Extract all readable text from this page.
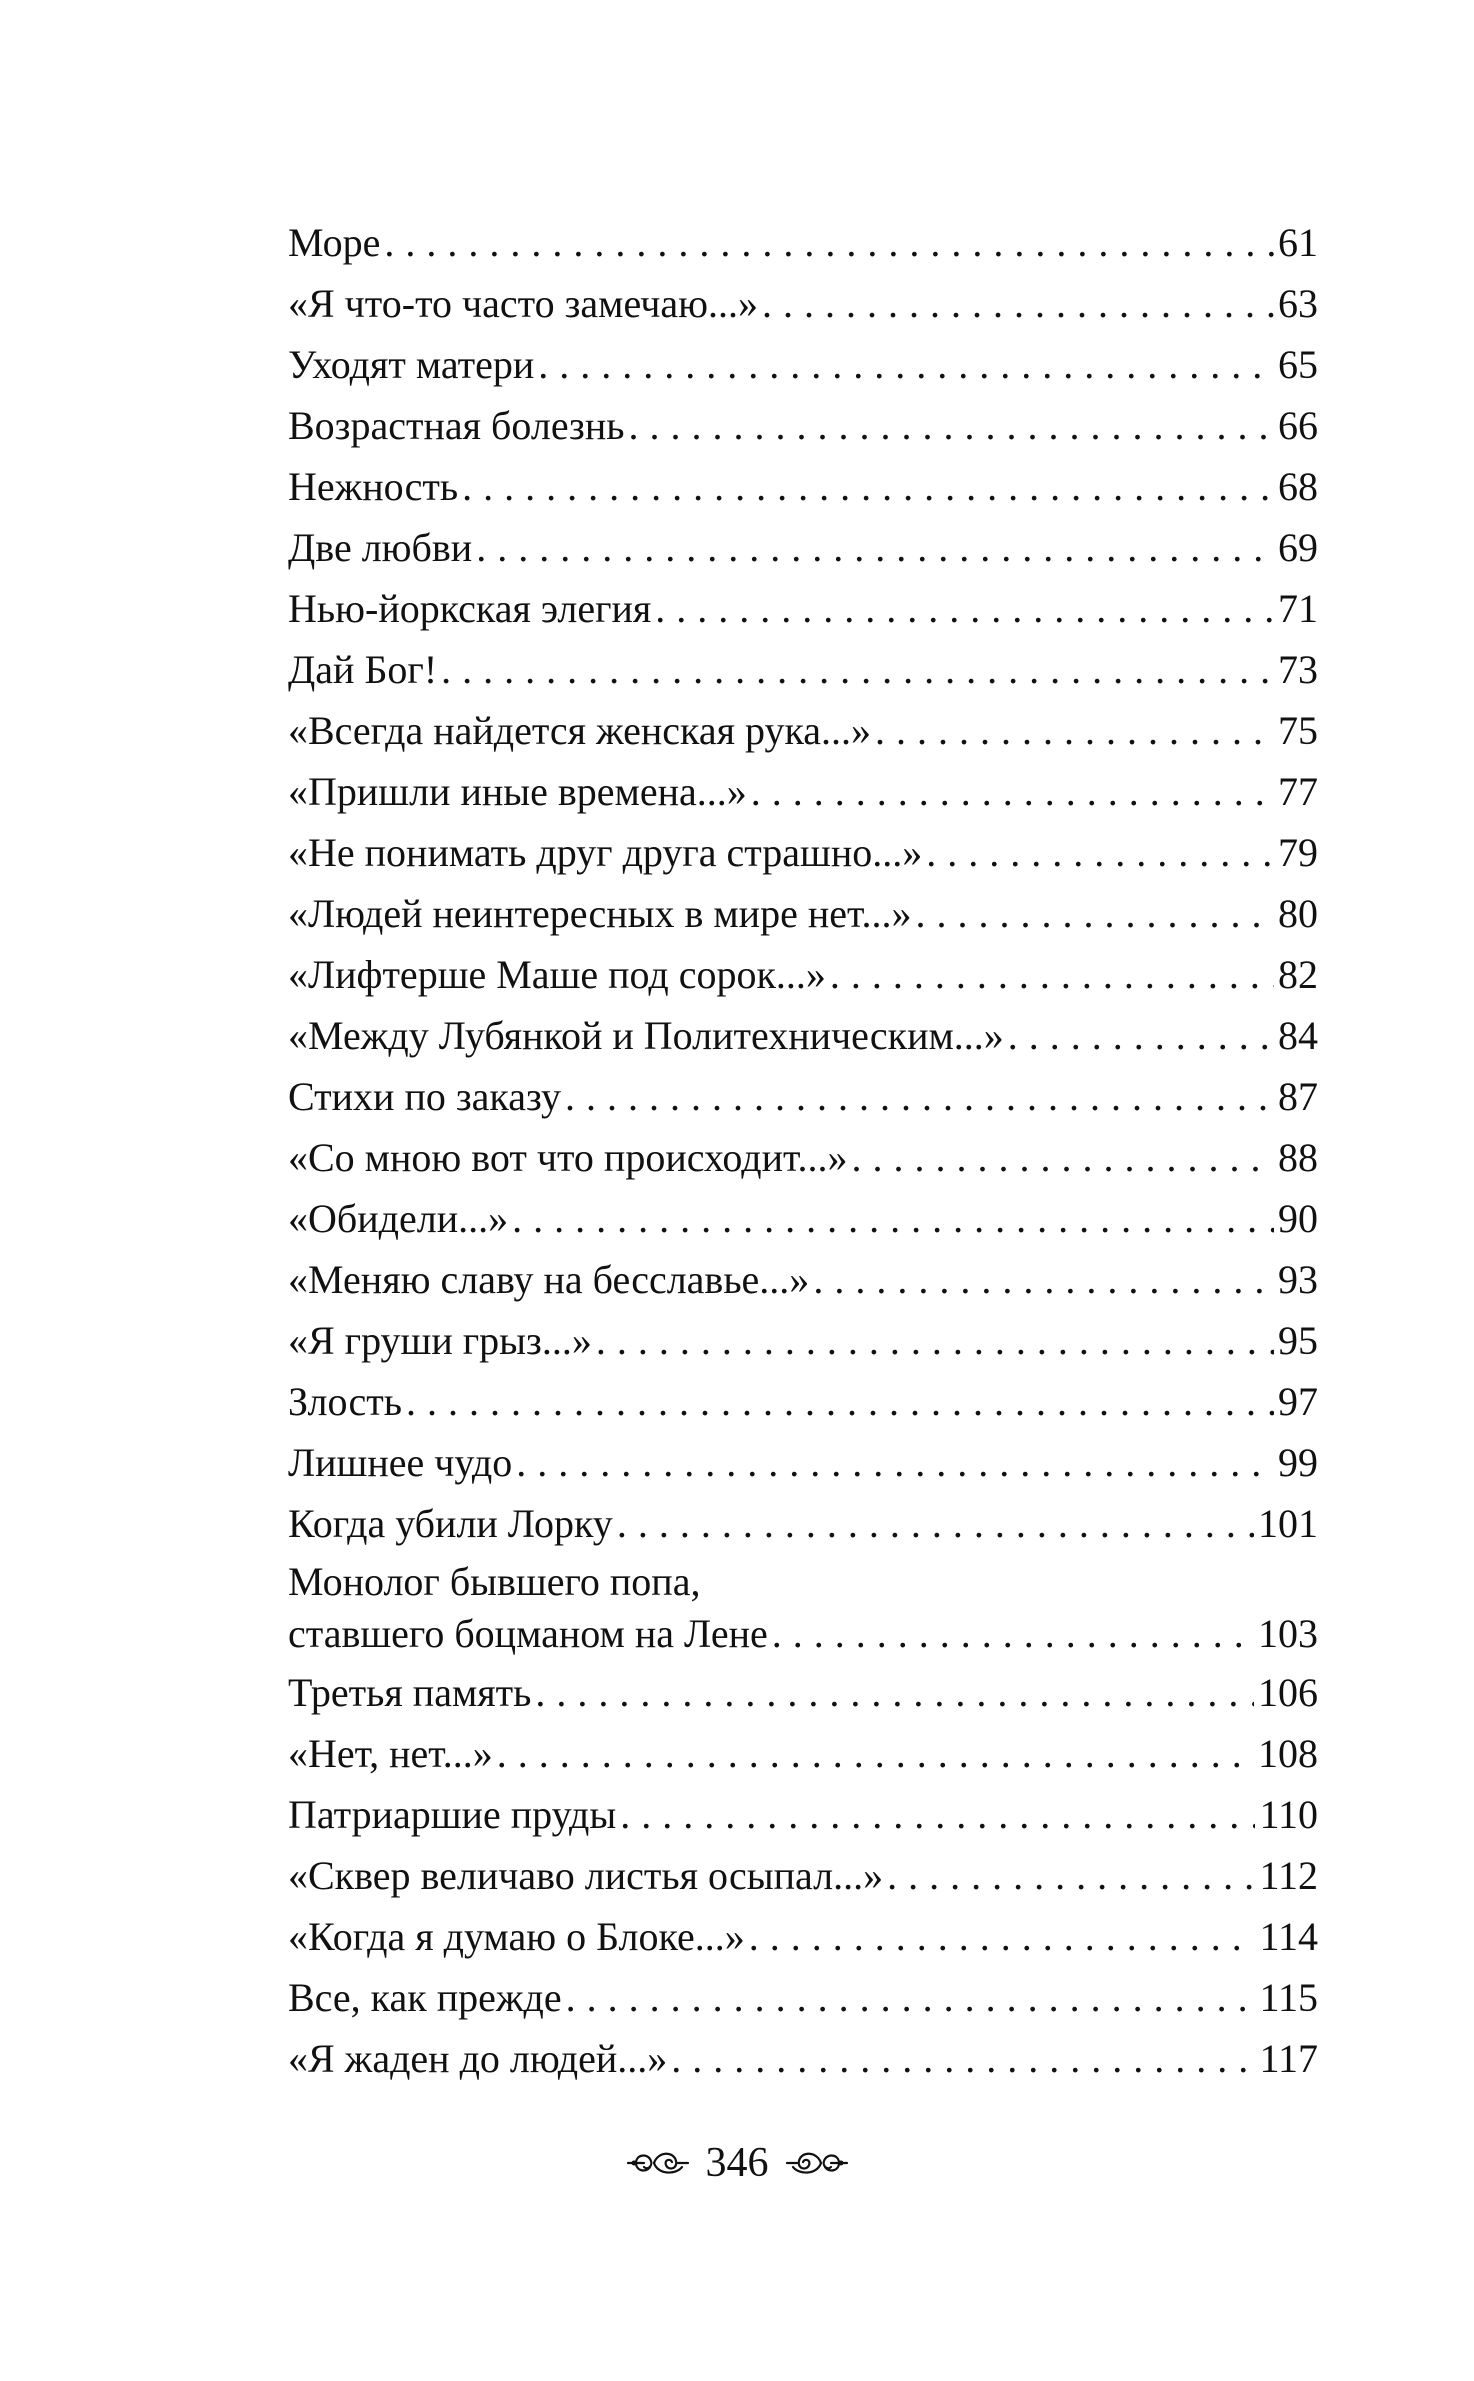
Море . . .	61
«Я что-то часто замечаю...» . . .	63
Уходят матери . . .	65
Возрастная болезнь . . .	66
Нежность . . .	68
Две любви . . .	69
Нью-йоркская элегия . . .	71
Дай Бог! . . .	73
«Всегда найдется женская рука...» . . .	75
«Пришли иные времена...» . . .	77
«Не понимать друг друга страшно...» . . .	79
«Людей неинтересных в мире нет...» . . .	80
«Лифтерше Маше под сорок...» . . .	82
«Между Лубянкой и Политехническим...» . . .	84
Стихи по заказу . . .	87
«Со мною вот что происходит...» . . .	88
«Обидели...» . . .	90
«Меняю славу на бесславье...» . . .	93
«Я груши грыз...» . . .	95
Злость . . .	97
Лишнее чудо . . .	99
Когда убили Лорку . . .	101
Монолог бывшего попа,
ставшего боцманом на Лене . . .	103
Третья память . . .	106
«Нет, нет...» . . .	108
Патриаршие пруды . . .	110
«Сквер величаво листья осыпал...» . . .	112
«Когда я думаю о Блоке...» . . .	114
Все, как прежде . . .	115
«Я жаден до людей...» . . .	117
346
